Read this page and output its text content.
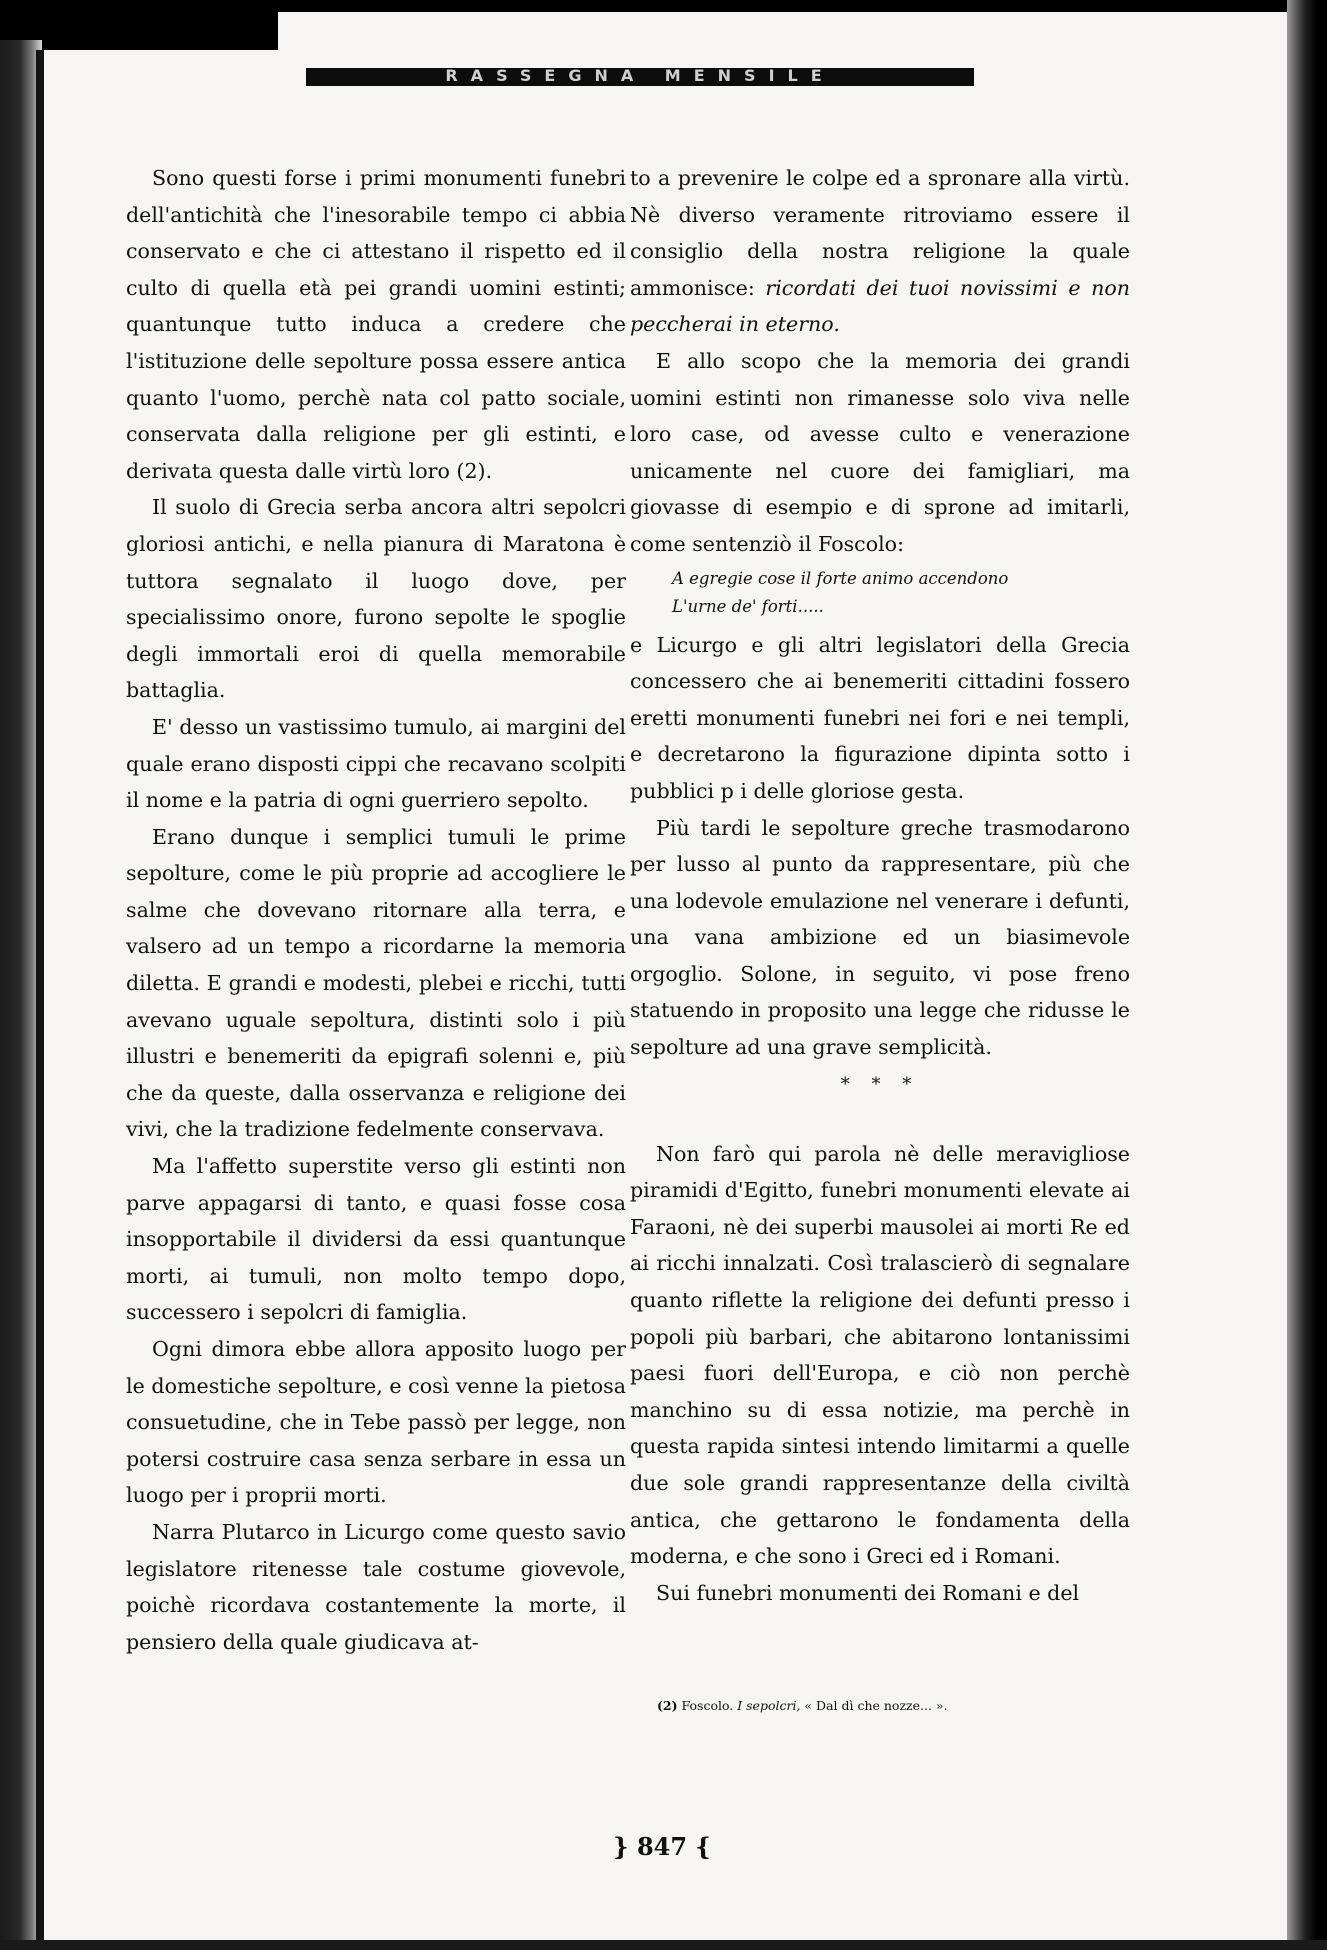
RASSEGNA MENSILE

Sono questi forse i primi monumenti funebri dell'antichità che l'inesorabile tempo ci abbia conservato e che ci attestano il rispetto ed il culto di quella età pei grandi uomini estinti; quantunque tutto induca a credere che l'istituzione delle sepolture possa essere antica quanto l'uomo, perchè nata col patto sociale, conservata dalla religione per gli estinti, e derivata questa dalle virtù loro (2).

Il suolo di Grecia serba ancora altri sepolcri gloriosi antichi, e nella pianura di Maratona è tuttora segnalato il luogo dove, per specialissimo onore, furono sepolte le spoglie degli immortali eroi di quella memorabile battaglia.

E' desso un vastissimo tumulo, ai margini del quale erano disposti cippi che recavano scolpiti il nome e la patria di ogni guerriero sepolto.

Erano dunque i semplici tumuli le prime sepolture, come le più proprie ad accogliere le salme che dovevano ritornare alla terra, e valsero ad un tempo a ricordarne la memoria diletta. E grandi e modesti, plebei e ricchi, tutti avevano uguale sepoltura, distinti solo i più illustri e benemeriti da epigrafi solenni e, più che da queste, dalla osservanza e religione dei vivi, che la tradizione fedelmente conservava.

Ma l'affetto superstite verso gli estinti non parve appagarsi di tanto, e quasi fosse cosa insopportabile il dividersi da essi quantunque morti, ai tumuli, non molto tempo dopo, successero i sepolcri di famiglia.

Ogni dimora ebbe allora apposito luogo per le domestiche sepolture, e così venne la pietosa consuetudine, che in Tebe passò per legge, non potersi costruire casa senza serbare in essa un luogo per i proprii morti.

Narra Plutarco in Licurgo come questo savio legislatore ritenesse tale costume giovevole, poichè ricordava costantemente la morte, il pensiero della quale giudicava at-

to a prevenire le colpe ed a spronare alla virtù. Nè diverso veramente ritroviamo essere il consiglio della nostra religione la quale ammonisce: ricordati dei tuoi novissimi e non peccherai in eterno.

E allo scopo che la memoria dei grandi uomini estinti non rimanesse solo viva nelle loro case, od avesse culto e venerazione unicamente nel cuore dei famigliari, ma giovasse di esempio e di sprone ad imitarli, come sentenziò il Foscolo:

A egregie cose il forte animo accendono
L'urne de' forti.....

e Licurgo e gli altri legislatori della Grecia concessero che ai benemeriti cittadini fossero eretti monumenti funebri nei fori e nei templi, e decretarono la figurazione dipinta sotto i pubblici p i delle gloriose gesta.

Più tardi le sepolture greche trasmodarono per lusso al punto da rappresentare, più che una lodevole emulazione nel venerare i defunti, una vana ambizione ed un biasimevole orgoglio. Solone, in seguito, vi pose freno statuendo in proposito una legge che ridusse le sepolture ad una grave semplicità.

* * *

Non farò qui parola nè delle meravigliose piramidi d'Egitto, funebri monumenti elevate ai Faraoni, nè dei superbi mausolei ai morti Re ed ai ricchi innalzati. Così tralascierò di segnalare quanto riflette la religione dei defunti presso i popoli più barbari, che abitarono lontanissimi paesi fuori dell'Europa, e ciò non perchè manchino su di essa notizie, ma perchè in questa rapida sintesi intendo limitarmi a quelle due sole grandi rappresentanze della civiltà antica, che gettarono le fondamenta della moderna, e che sono i Greci ed i Romani.

Sui funebri monumenti dei Romani e del

(2) Foscolo. I sepolcri, « Dal dì che nozze... ».
} 847 {
